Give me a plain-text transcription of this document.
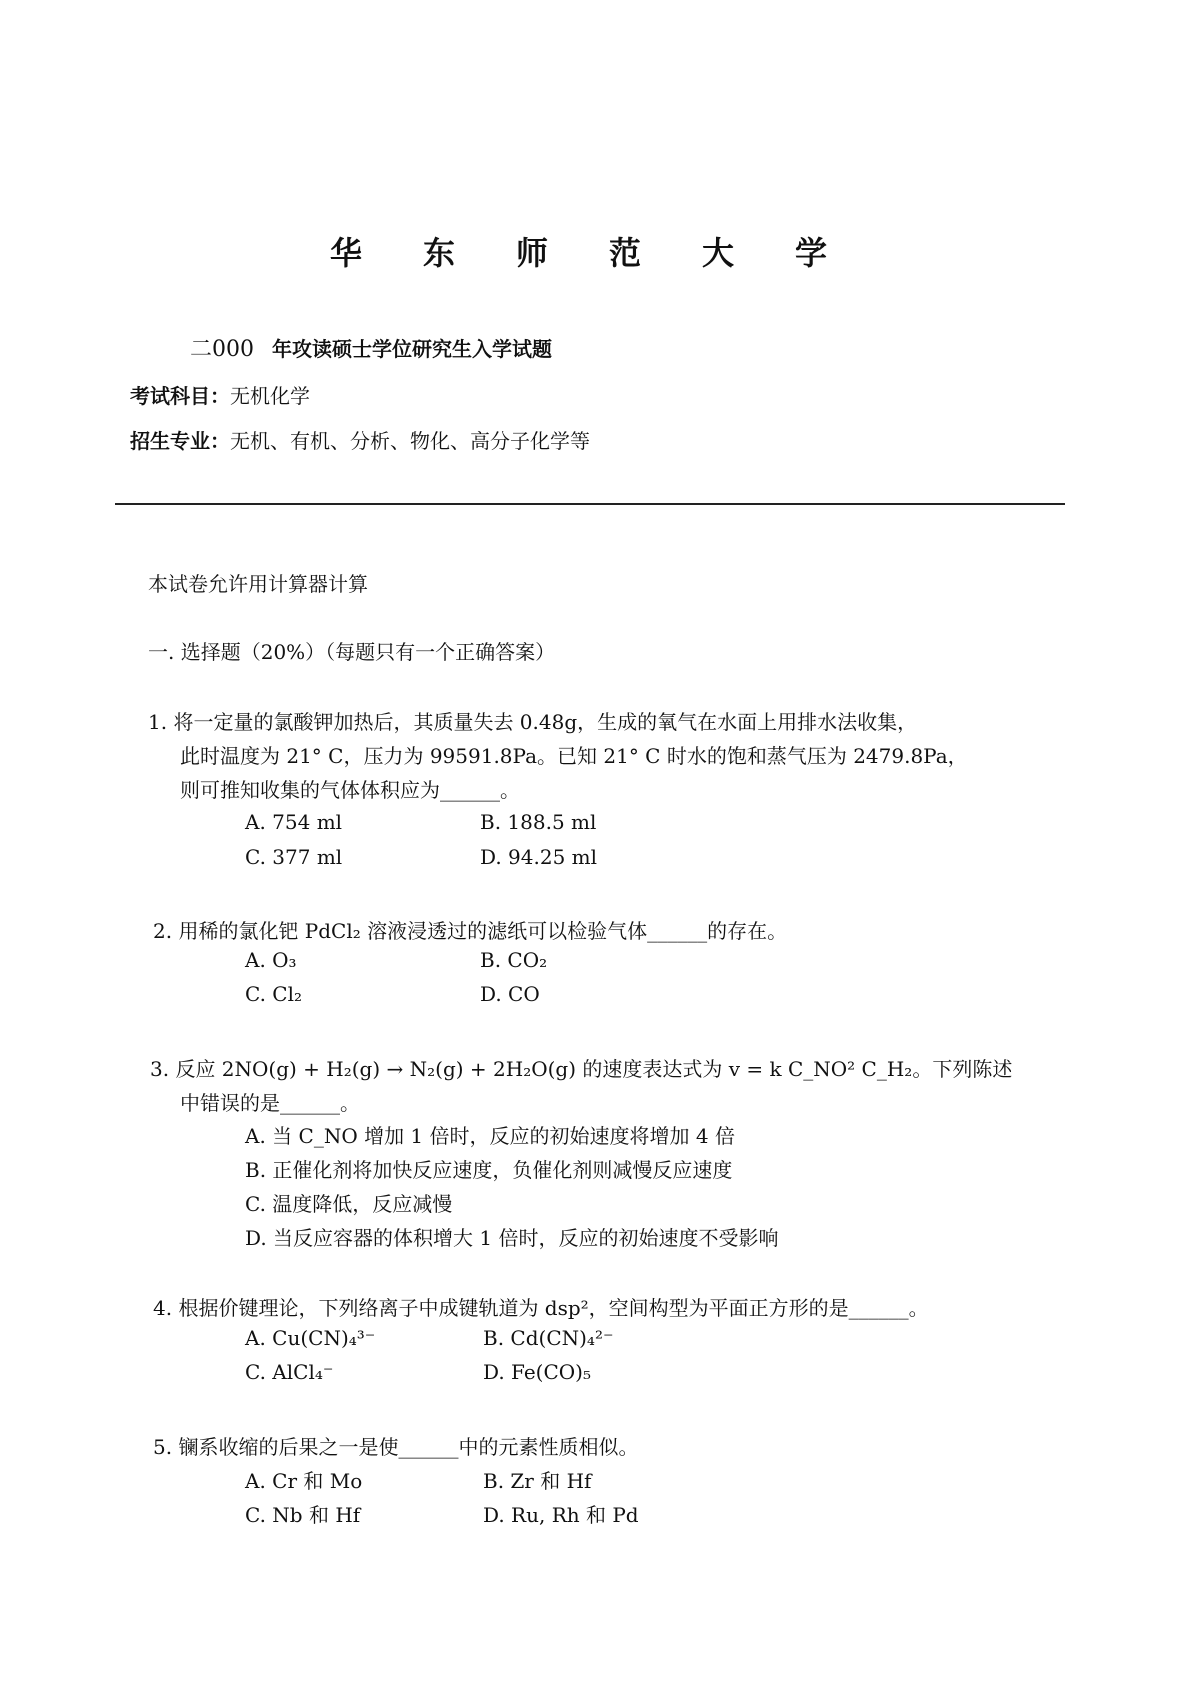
华 东 师 范 大 学
二000 年攻读硕士学位研究生入学试题
考试科目：无机化学
招生专业：无机、有机、分析、物化、高分子化学等
本试卷允许用计算器计算
一. 选择题（20%）（每题只有一个正确答案）
1. 将一定量的氯酸钾加热后，其质量失去 0.48g，生成的氧气在水面上用排水法收集，
此时温度为 21° C，压力为 99591.8Pa。已知 21° C 时水的饱和蒸气压为 2479.8Pa，
则可推知收集的气体体积应为______。
A. 754 ml	B. 188.5 ml
C. 377 ml	D. 94.25 ml
2. 用稀的氯化钯 PdCl₂ 溶液浸透过的滤纸可以检验气体______的存在。
A. O₃	B. CO₂
C. Cl₂	D. CO
3. 反应 2NO(g) + H₂(g) → N₂(g) + 2H₂O(g) 的速度表达式为 v = k C_NO² C_H₂。下列陈述
中错误的是______。
A. 当 C_NO 增加 1 倍时，反应的初始速度将增加 4 倍
B. 正催化剂将加快反应速度，负催化剂则减慢反应速度
C. 温度降低，反应减慢
D. 当反应容器的体积增大 1 倍时，反应的初始速度不受影响
4. 根据价键理论，下列络离子中成键轨道为 dsp²，空间构型为平面正方形的是______。
A. Cu(CN)₄³⁻	B. Cd(CN)₄²⁻
C. AlCl₄⁻	D. Fe(CO)₅
5. 镧系收缩的后果之一是使______中的元素性质相似。
A. Cr 和 Mo	B. Zr 和 Hf
C. Nb 和 Hf	D. Ru, Rh 和 Pd
